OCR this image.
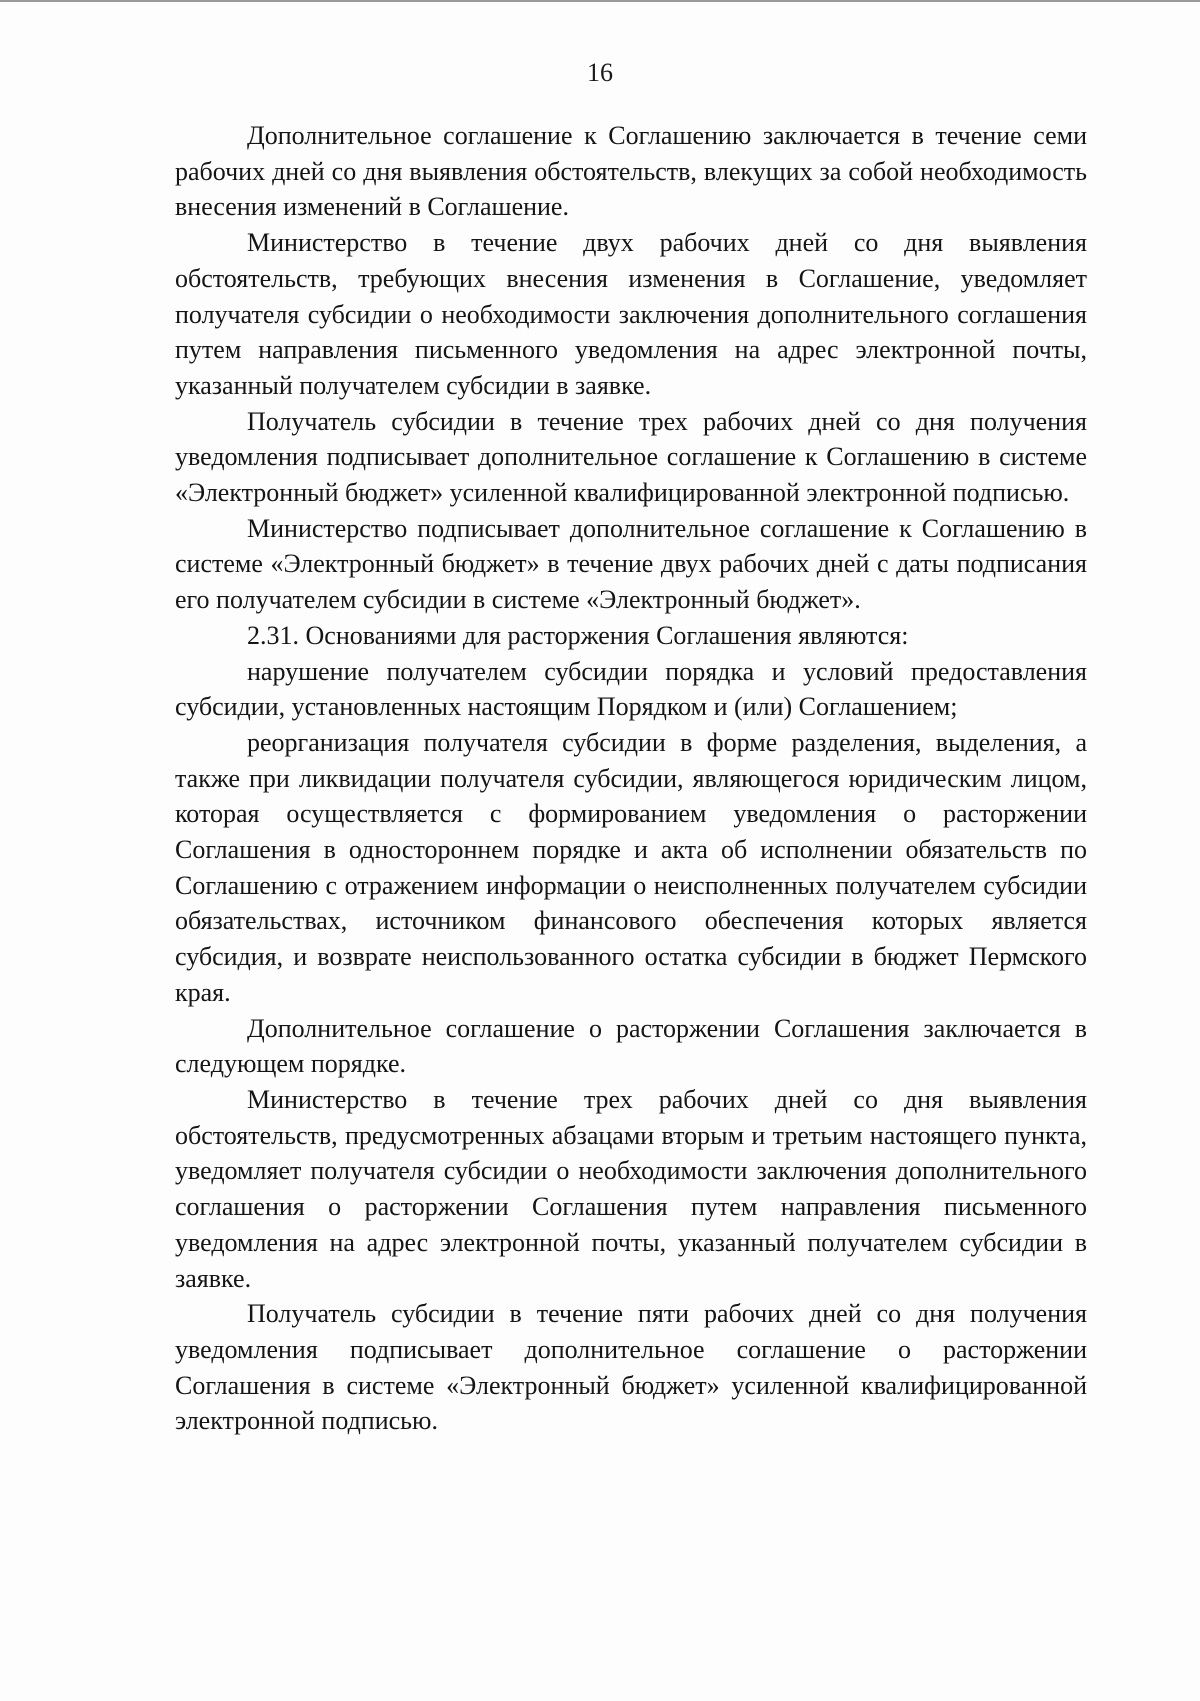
16

Дополнительное соглашение к Соглашению заключается в течение семи рабочих дней со дня выявления обстоятельств, влекущих за собой необходимость внесения изменений в Соглашение.

Министерство в течение двух рабочих дней со дня выявления обстоятельств, требующих внесения изменения в Соглашение, уведомляет получателя субсидии о необходимости заключения дополнительного соглашения путем направления письменного уведомления на адрес электронной почты, указанный получателем субсидии в заявке.

Получатель субсидии в течение трех рабочих дней со дня получения уведомления подписывает дополнительное соглашение к Соглашению в системе «Электронный бюджет» усиленной квалифицированной электронной подписью.

Министерство подписывает дополнительное соглашение к Соглашению в системе «Электронный бюджет» в течение двух рабочих дней с даты подписания его получателем субсидии в системе «Электронный бюджет».

2.31. Основаниями для расторжения Соглашения являются:

нарушение получателем субсидии порядка и условий предоставления субсидии, установленных настоящим Порядком и (или) Соглашением;

реорганизация получателя субсидии в форме разделения, выделения, а также при ликвидации получателя субсидии, являющегося юридическим лицом, которая осуществляется с формированием уведомления о расторжении Соглашения в одностороннем порядке и акта об исполнении обязательств по Соглашению с отражением информации о неисполненных получателем субсидии обязательствах, источником финансового обеспечения которых является субсидия, и возврате неиспользованного остатка субсидии в бюджет Пермского края.

Дополнительное соглашение о расторжении Соглашения заключается в следующем порядке.

Министерство в течение трех рабочих дней со дня выявления обстоятельств, предусмотренных абзацами вторым и третьим настоящего пункта, уведомляет получателя субсидии о необходимости заключения дополнительного соглашения о расторжении Соглашения путем направления письменного уведомления на адрес электронной почты, указанный получателем субсидии в заявке.

Получатель субсидии в течение пяти рабочих дней со дня получения уведомления подписывает дополнительное соглашение о расторжении Соглашения в системе «Электронный бюджет» усиленной квалифицированной электронной подписью.
